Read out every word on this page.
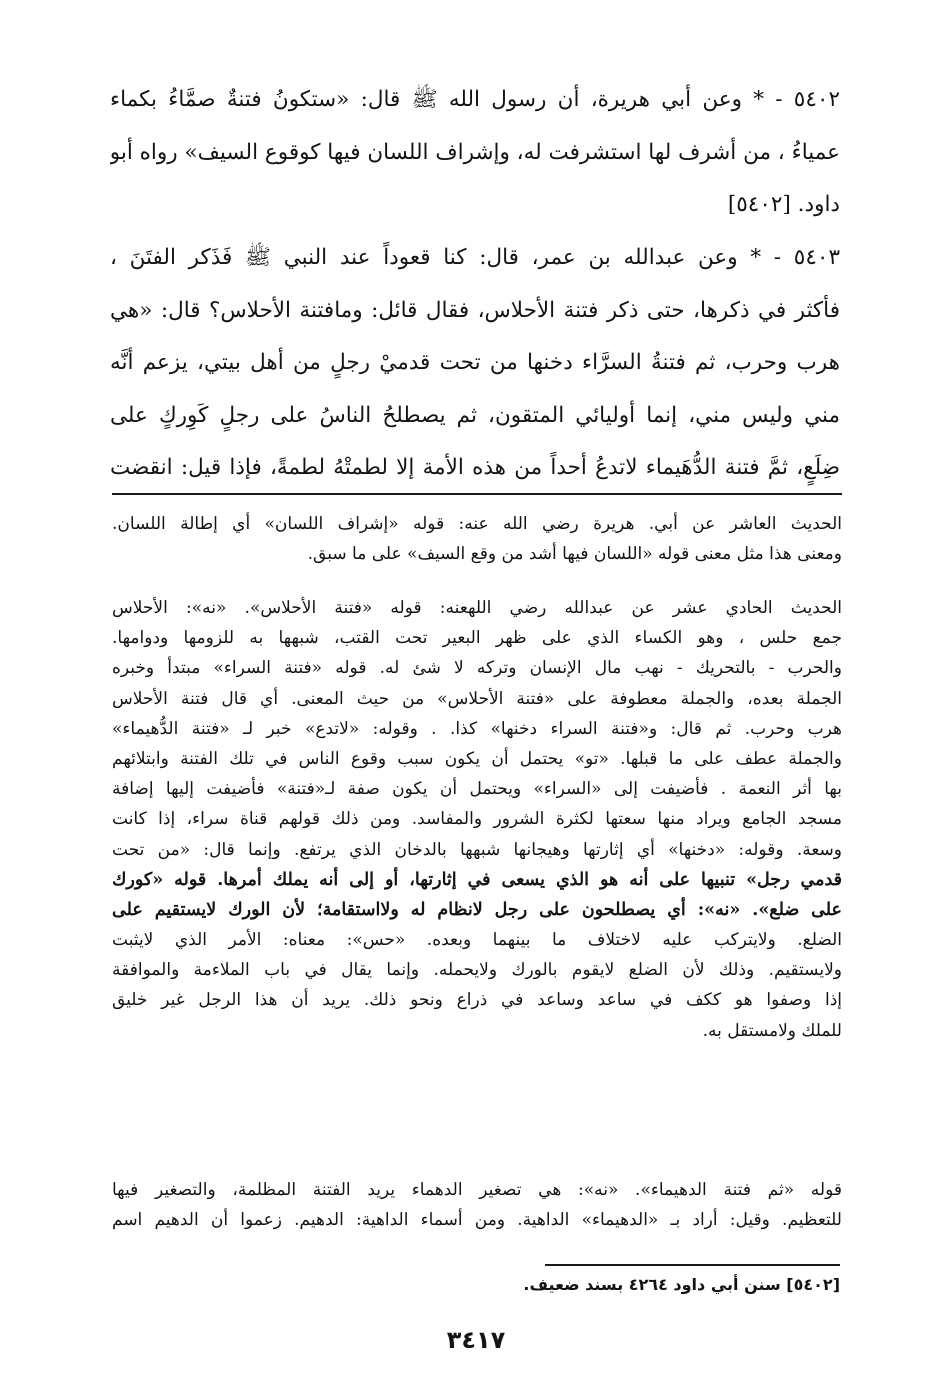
٥٤٠٢ - * وعن أبي هريرة، أن رسول الله ﷺ قال: «ستكونُ فتنةٌ صمَّاءُ بكماء
عمياءُ ، من أشرف لها استشرفت له، وإشراف اللسان فيها كوقوع السيف» رواه أبو
داود. [٥٤٠٢]
٥٤٠٣ - * وعن عبدالله بن عمر، قال: كنا قعوداً عند النبي ﷺ فَذَكر الفتَنَ ،
فأكثر في ذكرها، حتى ذكر فتنة الأحلاس، فقال قائل: ومافتنة الأحلاس؟ قال: «هي
هرب وحرب، ثم فتنةُ السرَّاء دخنها من تحت قدميْ رجلٍ من أهل بيتي، يزعم أنَّه
مني وليس مني، إنما أوليائي المتقون، ثم يصطلحُ الناسُ على رجلٍ كَوِركٍ على
ضِلَعٍ، ثمَّ فتنة الدُّهَيماء لاتدعُ أحداً من هذه الأمة إلا لطمتْهُ لطمةً، فإذا قيل: انقضت
الحديث العاشر عن أبي. هريرة رضي الله عنه: قوله «إشراف اللسان» أي إطالة اللسان.
ومعنى هذا مثل معنى قوله «اللسان فيها أشد من وقع السيف» على ما سبق.
الحديث الحادي عشر عن عبدالله رضي اللهعنه: قوله «فتنة الأحلاس». «نه»: الأحلاس
جمع حلس ، وهو الكساء الذي على ظهر البعير تحت القتب، شبهها به للزومها ودوامها.
والحرب - بالتحريك - نهب مال الإنسان وتركه لا شئ له. قوله «فتنة السراء» مبتدأ وخبره
الجملة بعده، والجملة معطوفة على «فتنة الأحلاس» من حيث المعنى. أي قال فتنة الأحلاس
هرب وحرب. ثم قال: و«فتنة السراء دخنها» كذا. . وقوله: «لاتدع» خبر لـ «فتنة الدُّهيماء»
والجملة عطف على ما قبلها. «تو» يحتمل أن يكون سبب وقوع الناس في تلك الفتنة وابتلائهم
بها أثر النعمة . فأضيفت إلى «السراء» ويحتمل أن يكون صفة لـ«فتنة» فأضيفت إليها إضافة
مسجد الجامع ويراد منها سعتها لكثرة الشرور والمفاسد. ومن ذلك قولهم قناة سراء، إذا كانت
وسعة. وقوله: «دخنها» أي إثارتها وهيجانها شبهها بالدخان الذي يرتفع. وإنما قال: «من تحت
قدمي رجل» تنبيها على أنه هو الذي يسعى في إثارتها، أو إلى أنه يملك أمرها. قوله «كورك
على ضلع». «نه»: أي يصطلحون على رجل لانظام له ولااستقامة؛ لأن الورك لايستقيم على
الضلع. ولايتركب عليه لاختلاف ما بينهما وبعده. «حس»: معناه: الأمر الذي لايثبت
ولايستقيم. وذلك لأن الضلع لايقوم بالورك ولايحمله. وإنما يقال في باب الملاءمة والموافقة
إذا وصفوا هو ككف في ساعد وساعد في ذراع ونحو ذلك. يريد أن هذا الرجل غير خليق
للملك ولامستقل به.
قوله «ثم فتنة الدهيماء». «نه»: هي تصغير الدهماء يريد الفتنة المظلمة، والتصغير فيها
للتعظيم. وقيل: أراد بـ «الدهيماء» الداهية. ومن أسماء الداهية: الدهيم. زعموا أن الدهيم اسم
[٥٤٠٢] سنن أبي داود ٤٢٦٤ بسند ضعيف.
٣٤١٧
